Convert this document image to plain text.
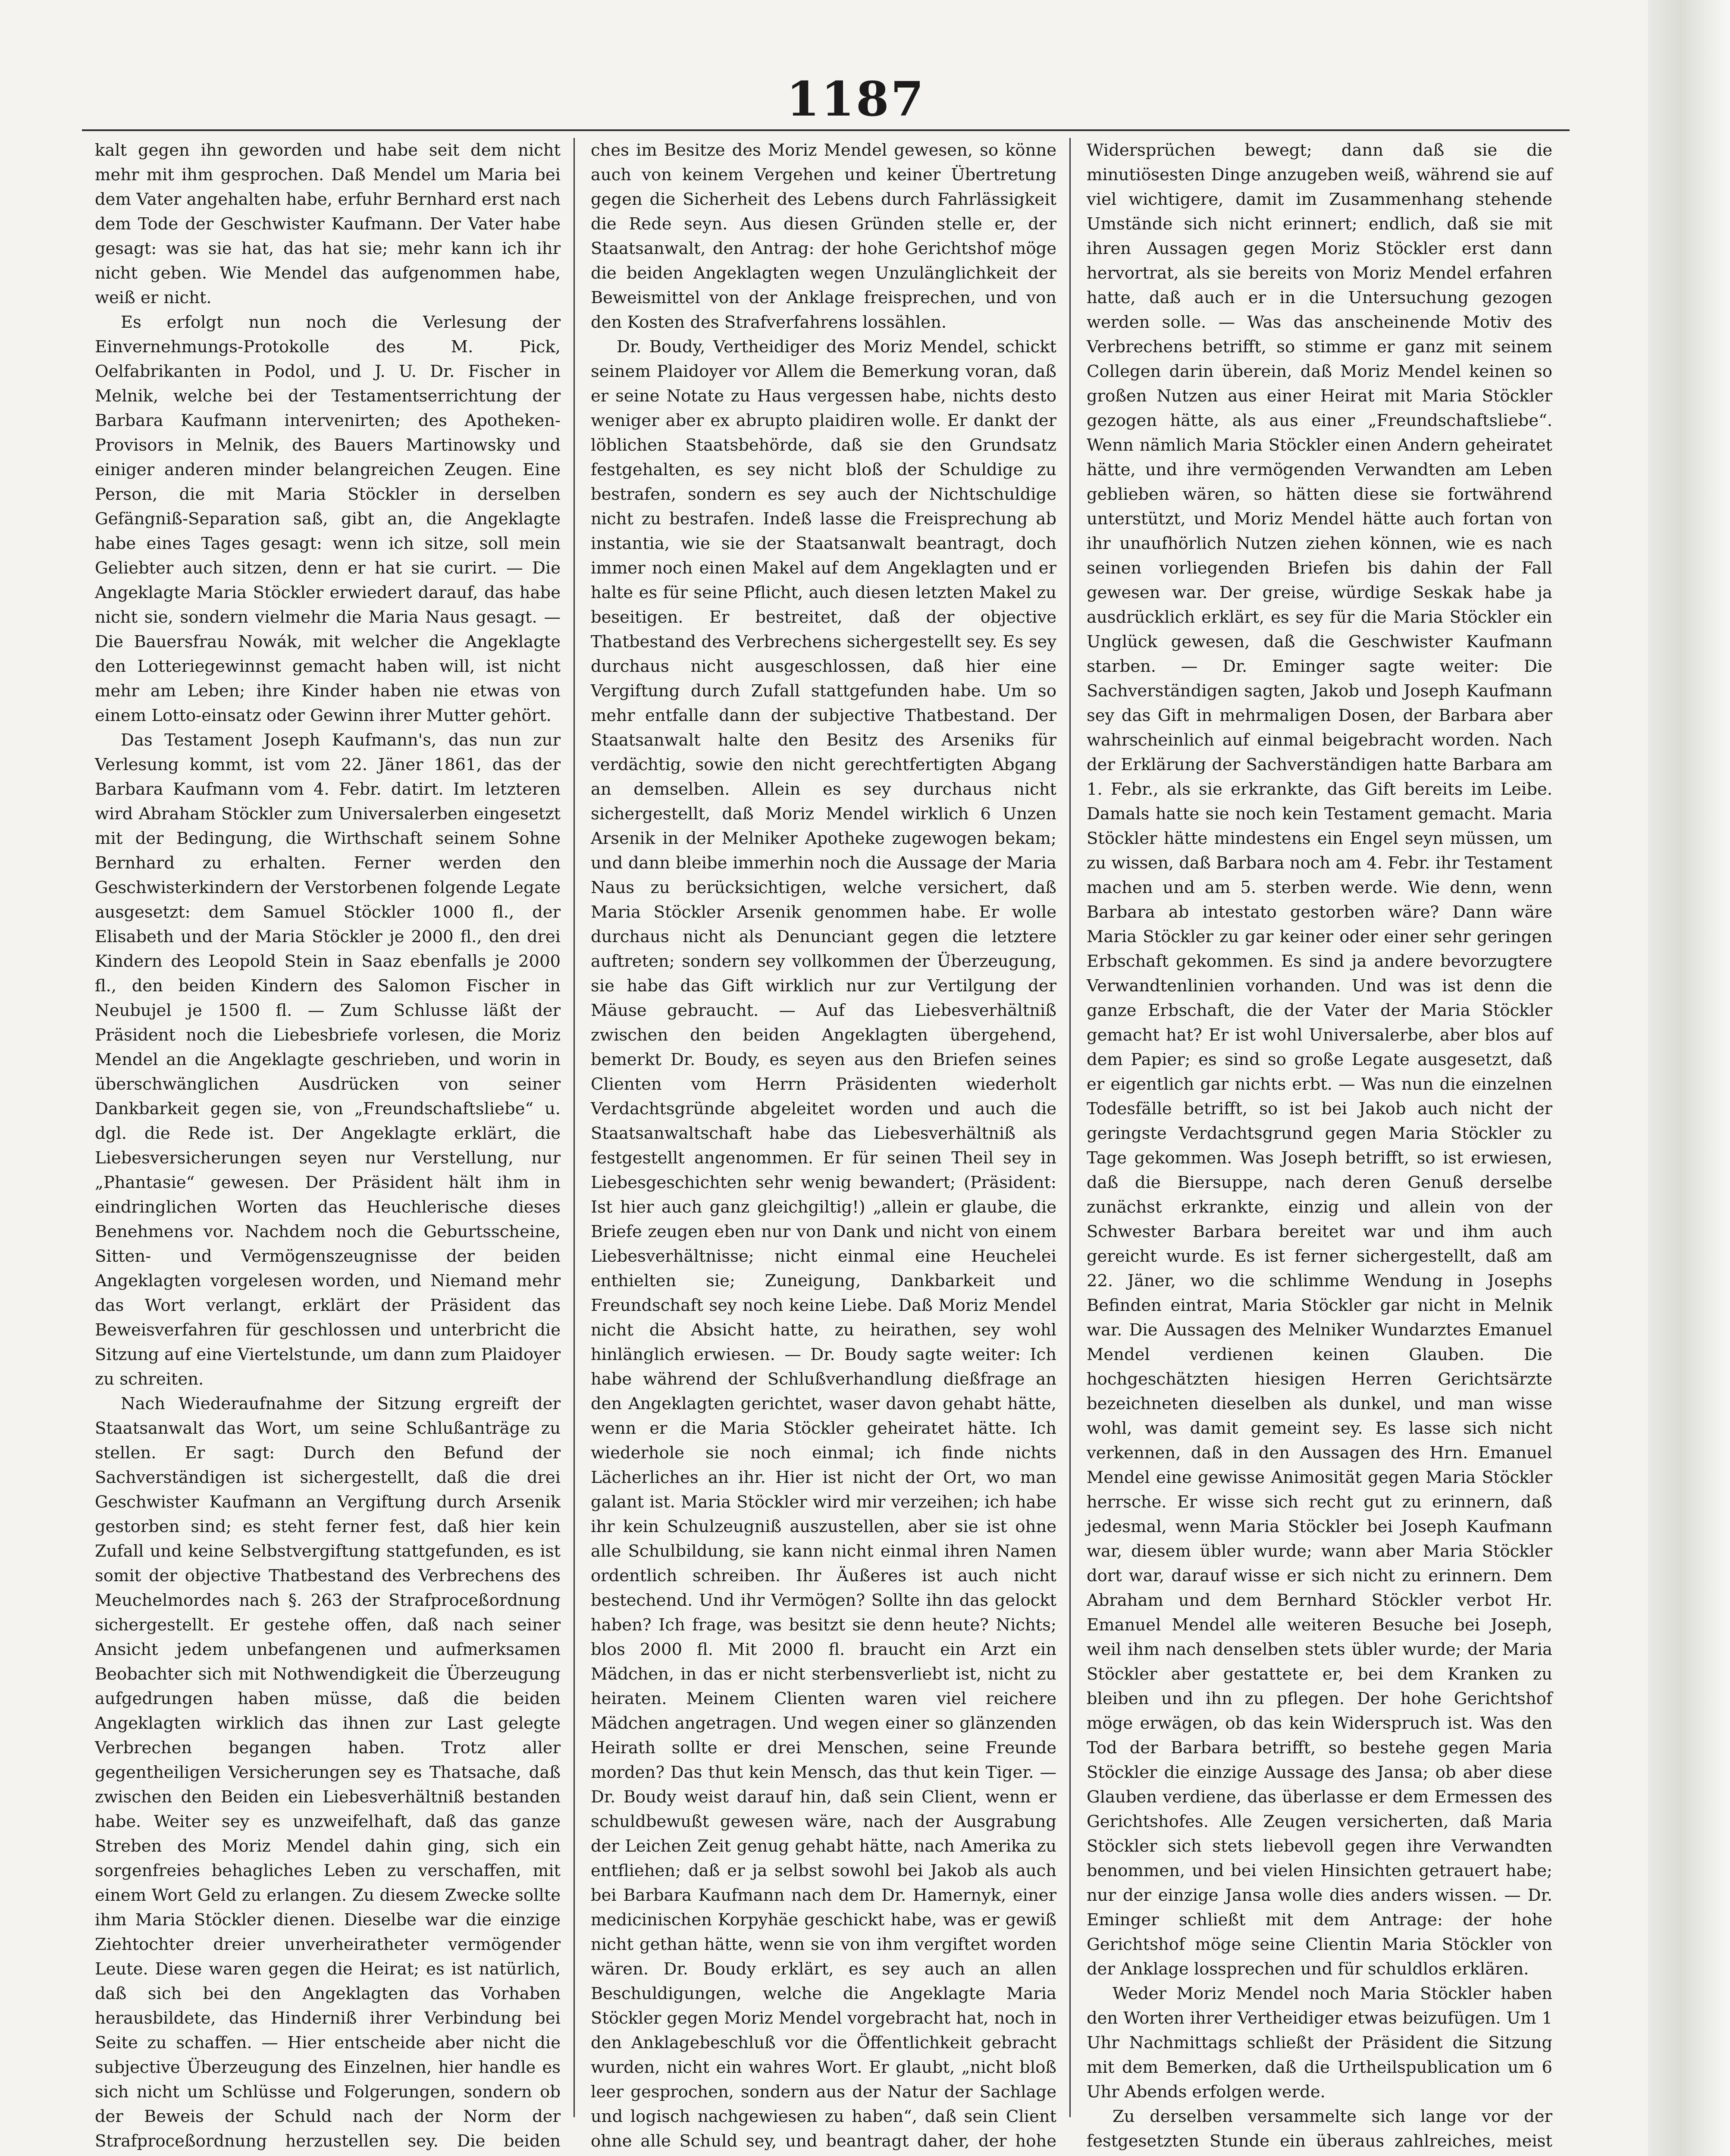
1187

kalt gegen ihn geworden und habe seit dem nicht mehr mit ihm gesprochen. Daß Mendel um Maria bei dem Vater angehalten habe, erfuhr Bernhard erst nach dem Tode der Geschwister Kaufmann. Der Vater habe gesagt: was sie hat, das hat sie; mehr kann ich ihr nicht geben. Wie Mendel das aufgenommen habe, weiß er nicht.

Es erfolgt nun noch die Verlesung der Einvernehmungs-Protokolle des M. Pick, Oelfabrikanten in Podol, und J. U. Dr. Fischer in Melnik, welche bei der Testamentserrichtung der Barbara Kaufmann intervenirten; des Apotheken-Provisors in Melnik, des Bauers Martinowsky und einiger anderen minder belangreichen Zeugen. Eine Person, die mit Maria Stöckler in derselben Gefängniß-Separation saß, gibt an, die Angeklagte habe eines Tages gesagt: wenn ich sitze, soll mein Geliebter auch sitzen, denn er hat sie curirt. — Die Angeklagte Maria Stöckler erwiedert darauf, das habe nicht sie, sondern vielmehr die Maria Naus gesagt. — Die Bauersfrau Nowák, mit welcher die Angeklagte den Lotteriegewinnst gemacht haben will, ist nicht mehr am Leben; ihre Kinder haben nie etwas von einem Lotto-einsatz oder Gewinn ihrer Mutter gehört.

Das Testament Joseph Kaufmann's, das nun zur Verlesung kommt, ist vom 22. Jäner 1861, das der Barbara Kaufmann vom 4. Febr. datirt. Im letzteren wird Abraham Stöckler zum Universalerben eingesetzt mit der Bedingung, die Wirthschaft seinem Sohne Bernhard zu erhalten. Ferner werden den Geschwisterkindern der Verstorbenen folgende Legate ausgesetzt: dem Samuel Stöckler 1000 fl., der Elisabeth und der Maria Stöckler je 2000 fl., den drei Kindern des Leopold Stein in Saaz ebenfalls je 2000 fl., den beiden Kindern des Salomon Fischer in Neubujel je 1500 fl. — Zum Schlusse läßt der Präsident noch die Liebesbriefe vorlesen, die Moriz Mendel an die Angeklagte geschrieben, und worin in überschwänglichen Ausdrücken von seiner Dankbarkeit gegen sie, von „Freundschaftsliebe“ u. dgl. die Rede ist. Der Angeklagte erklärt, die Liebesversicherungen seyen nur Verstellung, nur „Phantasie“ gewesen. Der Präsident hält ihm in eindringlichen Worten das Heuchlerische dieses Benehmens vor. Nachdem noch die Geburtsscheine, Sitten- und Vermögenszeugnisse der beiden Angeklagten vorgelesen worden, und Niemand mehr das Wort verlangt, erklärt der Präsident das Beweisverfahren für geschlossen und unterbricht die Sitzung auf eine Viertelstunde, um dann zum Plaidoyer zu schreiten.

Nach Wiederaufnahme der Sitzung ergreift der Staatsanwalt das Wort, um seine Schlußanträge zu stellen. Er sagt: Durch den Befund der Sachverständigen ist sichergestellt, daß die drei Geschwister Kaufmann an Vergiftung durch Arsenik gestorben sind; es steht ferner fest, daß hier kein Zufall und keine Selbstvergiftung stattgefunden, es ist somit der objective Thatbestand des Verbrechens des Meuchelmordes nach §. 263 der Strafproceßordnung sichergestellt. Er gestehe offen, daß nach seiner Ansicht jedem unbefangenen und aufmerksamen Beobachter sich mit Nothwendigkeit die Überzeugung aufgedrungen haben müsse, daß die beiden Angeklagten wirklich das ihnen zur Last gelegte Verbrechen begangen haben. Trotz aller gegentheiligen Versicherungen sey es Thatsache, daß zwischen den Beiden ein Liebesverhältniß bestanden habe. Weiter sey es unzweifelhaft, daß das ganze Streben des Moriz Mendel dahin ging, sich ein sorgenfreies behagliches Leben zu verschaffen, mit einem Wort Geld zu erlangen. Zu diesem Zwecke sollte ihm Maria Stöckler dienen. Dieselbe war die einzige Ziehtochter dreier unverheiratheter vermögender Leute. Diese waren gegen die Heirat; es ist natürlich, daß sich bei den Angeklagten das Vorhaben herausbildete, das Hinderniß ihrer Verbindung bei Seite zu schaffen. — Hier entscheide aber nicht die subjective Überzeugung des Einzelnen, hier handle es sich nicht um Schlüsse und Folgerungen, sondern ob der Beweis der Schuld nach der Norm der Strafproceßordnung herzustellen sey. Die beiden

ches im Besitze des Moriz Mendel gewesen, so könne auch von keinem Vergehen und keiner Übertretung gegen die Sicherheit des Lebens durch Fahrlässigkeit die Rede seyn. Aus diesen Gründen stelle er, der Staatsanwalt, den Antrag: der hohe Gerichtshof möge die beiden Angeklagten wegen Unzulänglichkeit der Beweismittel von der Anklage freisprechen, und von den Kosten des Strafverfahrens lossählen.

Dr. Boudy, Vertheidiger des Moriz Mendel, schickt seinem Plaidoyer vor Allem die Bemerkung voran, daß er seine Notate zu Haus vergessen habe, nichts desto weniger aber ex abrupto plaidiren wolle. Er dankt der löblichen Staatsbehörde, daß sie den Grundsatz festgehalten, es sey nicht bloß der Schuldige zu bestrafen, sondern es sey auch der Nichtschuldige nicht zu bestrafen. Indeß lasse die Freisprechung ab instantia, wie sie der Staatsanwalt beantragt, doch immer noch einen Makel auf dem Angeklagten und er halte es für seine Pflicht, auch diesen letzten Makel zu beseitigen. Er bestreitet, daß der objective Thatbestand des Verbrechens sichergestellt sey. Es sey durchaus nicht ausgeschlossen, daß hier eine Vergiftung durch Zufall stattgefunden habe. Um so mehr entfalle dann der subjective Thatbestand. Der Staatsanwalt halte den Besitz des Arseniks für verdächtig, sowie den nicht gerechtfertigten Abgang an demselben. Allein es sey durchaus nicht sichergestellt, daß Moriz Mendel wirklich 6 Unzen Arsenik in der Melniker Apotheke zugewogen bekam; und dann bleibe immerhin noch die Aussage der Maria Naus zu berücksichtigen, welche versichert, daß Maria Stöckler Arsenik genommen habe. Er wolle durchaus nicht als Denunciant gegen die letztere auftreten; sondern sey vollkommen der Überzeugung, sie habe das Gift wirklich nur zur Vertilgung der Mäuse gebraucht. — Auf das Liebesverhältniß zwischen den beiden Angeklagten übergehend, bemerkt Dr. Boudy, es seyen aus den Briefen seines Clienten vom Herrn Präsidenten wiederholt Verdachtsgründe abgeleitet worden und auch die Staatsanwaltschaft habe das Liebesverhältniß als festgestellt angenommen. Er für seinen Theil sey in Liebesgeschichten sehr wenig bewandert; (Präsident: Ist hier auch ganz gleichgiltig!) „allein er glaube, die Briefe zeugen eben nur von Dank und nicht von einem Liebesverhältnisse; nicht einmal eine Heuchelei enthielten sie; Zuneigung, Dankbarkeit und Freundschaft sey noch keine Liebe. Daß Moriz Mendel nicht die Absicht hatte, zu heirathen, sey wohl hinlänglich erwiesen. — Dr. Boudy sagte weiter: Ich habe während der Schlußverhandlung dießfrage an den Angeklagten gerichtet, waser davon gehabt hätte, wenn er die Maria Stöckler geheiratet hätte. Ich wiederhole sie noch einmal; ich finde nichts Lächerliches an ihr. Hier ist nicht der Ort, wo man galant ist. Maria Stöckler wird mir verzeihen; ich habe ihr kein Schulzeugniß auszustellen, aber sie ist ohne alle Schulbildung, sie kann nicht einmal ihren Namen ordentlich schreiben. Ihr Äußeres ist auch nicht bestechend. Und ihr Vermögen? Sollte ihn das gelockt haben? Ich frage, was besitzt sie denn heute? Nichts; blos 2000 fl. Mit 2000 fl. braucht ein Arzt ein Mädchen, in das er nicht sterbensverliebt ist, nicht zu heiraten. Meinem Clienten waren viel reichere Mädchen angetragen. Und wegen einer so glänzenden Heirath sollte er drei Menschen, seine Freunde morden? Das thut kein Mensch, das thut kein Tiger. — Dr. Boudy weist darauf hin, daß sein Client, wenn er schuldbewußt gewesen wäre, nach der Ausgrabung der Leichen Zeit genug gehabt hätte, nach Amerika zu entfliehen; daß er ja selbst sowohl bei Jakob als auch bei Barbara Kaufmann nach dem Dr. Hamernyk, einer medicinischen Korpyhäe geschickt habe, was er gewiß nicht gethan hätte, wenn sie von ihm vergiftet worden wären. Dr. Boudy erklärt, es sey auch an allen Beschuldigungen, welche die Angeklagte Maria Stöckler gegen Moriz Mendel vorgebracht hat, noch in den Anklagebeschluß vor die Öffentlichkeit gebracht wurden, nicht ein wahres Wort. Er glaubt, „nicht bloß leer gesprochen, sondern aus der Natur der Sachlage und logisch nachgewiesen zu haben“, daß sein Client ohne alle Schuld sey, und beantragt daher, der hohe

Widersprüchen bewegt; dann daß sie die minutiösesten Dinge anzugeben weiß, während sie auf viel wichtigere, damit im Zusammenhang stehende Umstände sich nicht erinnert; endlich, daß sie mit ihren Aussagen gegen Moriz Stöckler erst dann hervortrat, als sie bereits von Moriz Mendel erfahren hatte, daß auch er in die Untersuchung gezogen werden solle. — Was das anscheinende Motiv des Verbrechens betrifft, so stimme er ganz mit seinem Collegen darin überein, daß Moriz Mendel keinen so großen Nutzen aus einer Heirat mit Maria Stöckler gezogen hätte, als aus einer „Freundschaftsliebe“. Wenn nämlich Maria Stöckler einen Andern geheiratet hätte, und ihre vermögenden Verwandten am Leben geblieben wären, so hätten diese sie fortwährend unterstützt, und Moriz Mendel hätte auch fortan von ihr unaufhörlich Nutzen ziehen können, wie es nach seinen vorliegenden Briefen bis dahin der Fall gewesen war. Der greise, würdige Seskak habe ja ausdrücklich erklärt, es sey für die Maria Stöckler ein Unglück gewesen, daß die Geschwister Kaufmann starben. — Dr. Eminger sagte weiter: Die Sachverständigen sagten, Jakob und Joseph Kaufmann sey das Gift in mehrmaligen Dosen, der Barbara aber wahrscheinlich auf einmal beigebracht worden. Nach der Erklärung der Sachverständigen hatte Barbara am 1. Febr., als sie erkrankte, das Gift bereits im Leibe. Damals hatte sie noch kein Testament gemacht. Maria Stöckler hätte mindestens ein Engel seyn müssen, um zu wissen, daß Barbara noch am 4. Febr. ihr Testament machen und am 5. sterben werde. Wie denn, wenn Barbara ab intestato gestorben wäre? Dann wäre Maria Stöckler zu gar keiner oder einer sehr geringen Erbschaft gekommen. Es sind ja andere bevorzugtere Verwandtenlinien vorhanden. Und was ist denn die ganze Erbschaft, die der Vater der Maria Stöckler gemacht hat? Er ist wohl Universalerbe, aber blos auf dem Papier; es sind so große Legate ausgesetzt, daß er eigentlich gar nichts erbt. — Was nun die einzelnen Todesfälle betrifft, so ist bei Jakob auch nicht der geringste Verdachtsgrund gegen Maria Stöckler zu Tage gekommen. Was Joseph betrifft, so ist erwiesen, daß die Biersuppe, nach deren Genuß derselbe zunächst erkrankte, einzig und allein von der Schwester Barbara bereitet war und ihm auch gereicht wurde. Es ist ferner sichergestellt, daß am 22. Jäner, wo die schlimme Wendung in Josephs Befinden eintrat, Maria Stöckler gar nicht in Melnik war. Die Aussagen des Melniker Wundarztes Emanuel Mendel verdienen keinen Glauben. Die hochgeschätzten hiesigen Herren Gerichtsärzte bezeichneten dieselben als dunkel, und man wisse wohl, was damit gemeint sey. Es lasse sich nicht verkennen, daß in den Aussagen des Hrn. Emanuel Mendel eine gewisse Animosität gegen Maria Stöckler herrsche. Er wisse sich recht gut zu erinnern, daß jedesmal, wenn Maria Stöckler bei Joseph Kaufmann war, diesem übler wurde; wann aber Maria Stöckler dort war, darauf wisse er sich nicht zu erinnern. Dem Abraham und dem Bernhard Stöckler verbot Hr. Emanuel Mendel alle weiteren Besuche bei Joseph, weil ihm nach denselben stets übler wurde; der Maria Stöckler aber gestattete er, bei dem Kranken zu bleiben und ihn zu pflegen. Der hohe Gerichtshof möge erwägen, ob das kein Widerspruch ist. Was den Tod der Barbara betrifft, so bestehe gegen Maria Stöckler die einzige Aussage des Jansa; ob aber diese Glauben verdiene, das überlasse er dem Ermessen des Gerichtshofes. Alle Zeugen versicherten, daß Maria Stöckler sich stets liebevoll gegen ihre Verwandten benommen, und bei vielen Hinsichten getrauert habe; nur der einzige Jansa wolle dies anders wissen. — Dr. Eminger schließt mit dem Antrage: der hohe Gerichtshof möge seine Clientin Maria Stöckler von der Anklage lossprechen und für schuldlos erklären.

Weder Moriz Mendel noch Maria Stöckler haben den Worten ihrer Vertheidiger etwas beizufügen. Um 1 Uhr Nachmittags schließt der Präsident die Sitzung mit dem Bemerken, daß die Urtheilspublication um 6 Uhr Abends erfolgen werde.

Zu derselben versammelte sich lange vor der festgesetzten Stunde ein überaus zahlreiches, meist
